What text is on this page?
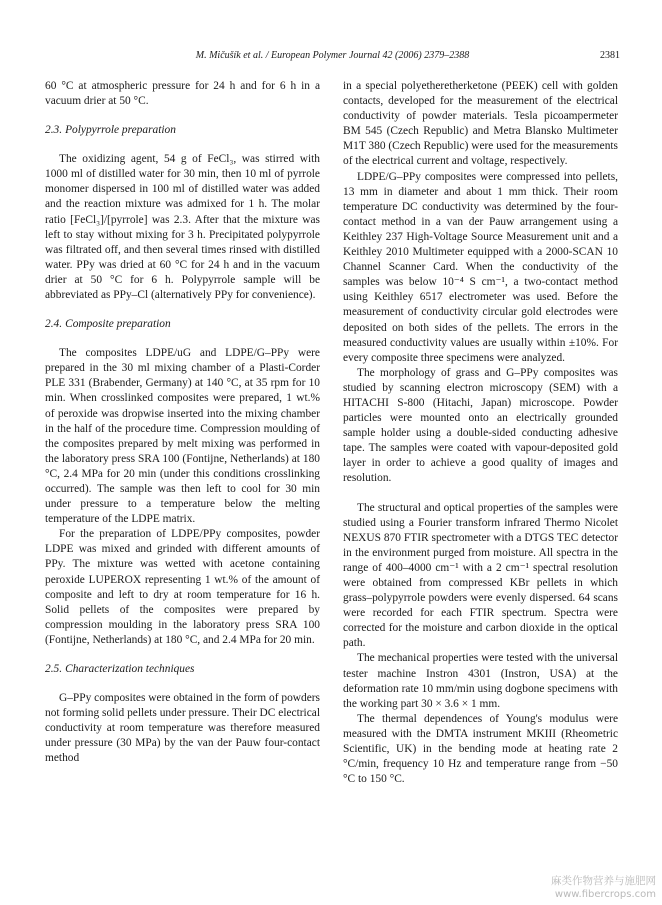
M. Mičušík et al. / European Polymer Journal 42 (2006) 2379–2388	2381

60 °C at atmospheric pressure for 24 h and for 6 h in a vacuum drier at 50 °C.

2.3. Polypyrrole preparation

The oxidizing agent, 54 g of FeCl₃, was stirred with 1000 ml of distilled water for 30 min, then 10 ml of pyrrole monomer dispersed in 100 ml of distilled water was added and the reaction mixture was admixed for 1 h. The molar ratio [FeCl₃]/[pyrrole] was 2.3. After that the mixture was left to stay without mixing for 3 h. Precipitated polypyrrole was filtrated off, and then several times rinsed with distilled water. PPy was dried at 60 °C for 24 h and in the vacuum drier at 50 °C for 6 h. Polypyrrole sample will be abbreviated as PPy–Cl (alternatively PPy for convenience).

2.4. Composite preparation

The composites LDPE/uG and LDPE/G–PPy were prepared in the 30 ml mixing chamber of a Plasti-Corder PLE 331 (Brabender, Germany) at 140 °C, at 35 rpm for 10 min. When crosslinked composites were prepared, 1 wt.% of peroxide was dropwise inserted into the mixing chamber in the half of the procedure time. Compression moulding of the composites prepared by melt mixing was performed in the laboratory press SRA 100 (Fontijne, Netherlands) at 180 °C, 2.4 MPa for 20 min (under this conditions crosslinking occurred). The sample was then left to cool for 30 min under pressure to a temperature below the melting temperature of the LDPE matrix.

For the preparation of LDPE/PPy composites, powder LDPE was mixed and grinded with different amounts of PPy. The mixture was wetted with acetone containing peroxide LUPEROX representing 1 wt.% of the amount of composite and left to dry at room temperature for 16 h. Solid pellets of the composites were prepared by compression moulding in the laboratory press SRA 100 (Fontijne, Netherlands) at 180 °C, and 2.4 MPa for 20 min.

2.5. Characterization techniques

G–PPy composites were obtained in the form of powders not forming solid pellets under pressure. Their DC electrical conductivity at room temperature was therefore measured under pressure (30 MPa) by the van der Pauw four-contact method

in a special polyetheretherketone (PEEK) cell with golden contacts, developed for the measurement of the electrical conductivity of powder materials. Tesla picoampermeter BM 545 (Czech Republic) and Metra Blansko Multimeter M1T 380 (Czech Republic) were used for the measurements of the electrical current and voltage, respectively.

LDPE/G–PPy composites were compressed into pellets, 13 mm in diameter and about 1 mm thick. Their room temperature DC conductivity was determined by the four-contact method in a van der Pauw arrangement using a Keithley 237 High-Voltage Source Measurement unit and a Keithley 2010 Multimeter equipped with a 2000-SCAN 10 Channel Scanner Card. When the conductivity of the samples was below 10⁻⁴ S cm⁻¹, a two-contact method using Keithley 6517 electrometer was used. Before the measurement of conductivity circular gold electrodes were deposited on both sides of the pellets. The errors in the measured conductivity values are usually within ±10%. For every composite three specimens were analyzed.

The morphology of grass and G–PPy composites was studied by scanning electron microscopy (SEM) with a HITACHI S-800 (Hitachi, Japan) microscope. Powder particles were mounted onto an electrically grounded sample holder using a double-sided conducting adhesive tape. The samples were coated with vapour-deposited gold layer in order to achieve a good quality of images and resolution.

The structural and optical properties of the samples were studied using a Fourier transform infrared Thermo Nicolet NEXUS 870 FTIR spectrometer with a DTGS TEC detector in the environment purged from moisture. All spectra in the range of 400–4000 cm⁻¹ with a 2 cm⁻¹ spectral resolution were obtained from compressed KBr pellets in which grass–polypyrrole powders were evenly dispersed. 64 scans were recorded for each FTIR spectrum. Spectra were corrected for the moisture and carbon dioxide in the optical path.

The mechanical properties were tested with the universal tester machine Instron 4301 (Instron, USA) at the deformation rate 10 mm/min using dogbone specimens with the working part 30 × 3.6 × 1 mm.

The thermal dependences of Young's modulus were measured with the DMTA instrument MKIII (Rheometric Scientific, UK) in the bending mode at heating rate 2 °C/min, frequency 10 Hz and temperature range from −50 °C to 150 °C.

麻类作物营养与施肥网
www.fibercrops.com
